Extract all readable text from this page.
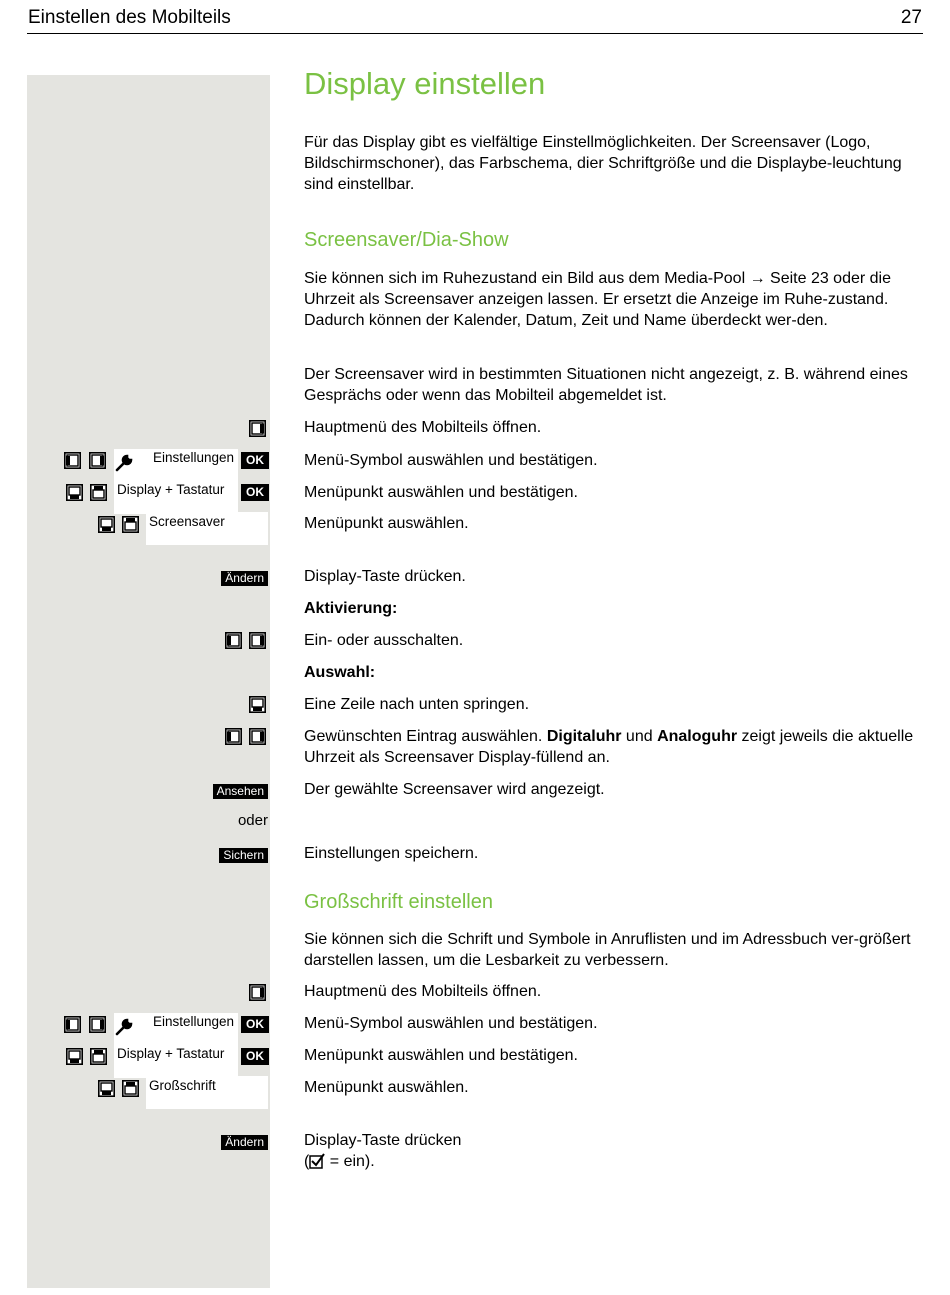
Einstellen des Mobilteils	27
Display einstellen
Für das Display gibt es vielfältige Einstellmöglichkeiten. Der Screensaver (Logo, Bildschirmschoner), das Farbschema, dier Schriftgröße und die Displaybe-leuchtung sind einstellbar.
Screensaver/Dia-Show
Sie können sich im Ruhezustand ein Bild aus dem Media-Pool → Seite 23 oder die Uhrzeit als Screensaver anzeigen lassen. Er ersetzt die Anzeige im Ruhe-zustand. Dadurch können der Kalender, Datum, Zeit und Name überdeckt wer-den.
Der Screensaver wird in bestimmten Situationen nicht angezeigt, z. B. während eines Gesprächs oder wenn das Mobilteil abgemeldet ist.
Hauptmenü des Mobilteils öffnen.
Einstellungen OK	Menü-Symbol auswählen und bestätigen.
Display + Tastatur	OK	Menüpunkt auswählen und bestätigen.
Screensaver	Menüpunkt auswählen.
Ändern	Display-Taste drücken.
Aktivierung:
Ein- oder ausschalten.
Auswahl:
Eine Zeile nach unten springen.
Gewünschten Eintrag auswählen. Digitaluhr und Analoguhr zeigt jeweils die aktuelle Uhrzeit als Screensaver Display-füllend an.
Ansehen	Der gewählte Screensaver wird angezeigt.
oder
Sichern	Einstellungen speichern.
Großschrift einstellen
Sie können sich die Schrift und Symbole in Anruflisten und im Adressbuch ver-größert darstellen lassen, um die Lesbarkeit zu verbessern.
Hauptmenü des Mobilteils öffnen.
Einstellungen OK	Menü-Symbol auswählen und bestätigen.
Display + Tastatur	OK	Menüpunkt auswählen und bestätigen.
Großschrift	Menüpunkt auswählen.
Ändern	Display-Taste drücken
( = ein).
